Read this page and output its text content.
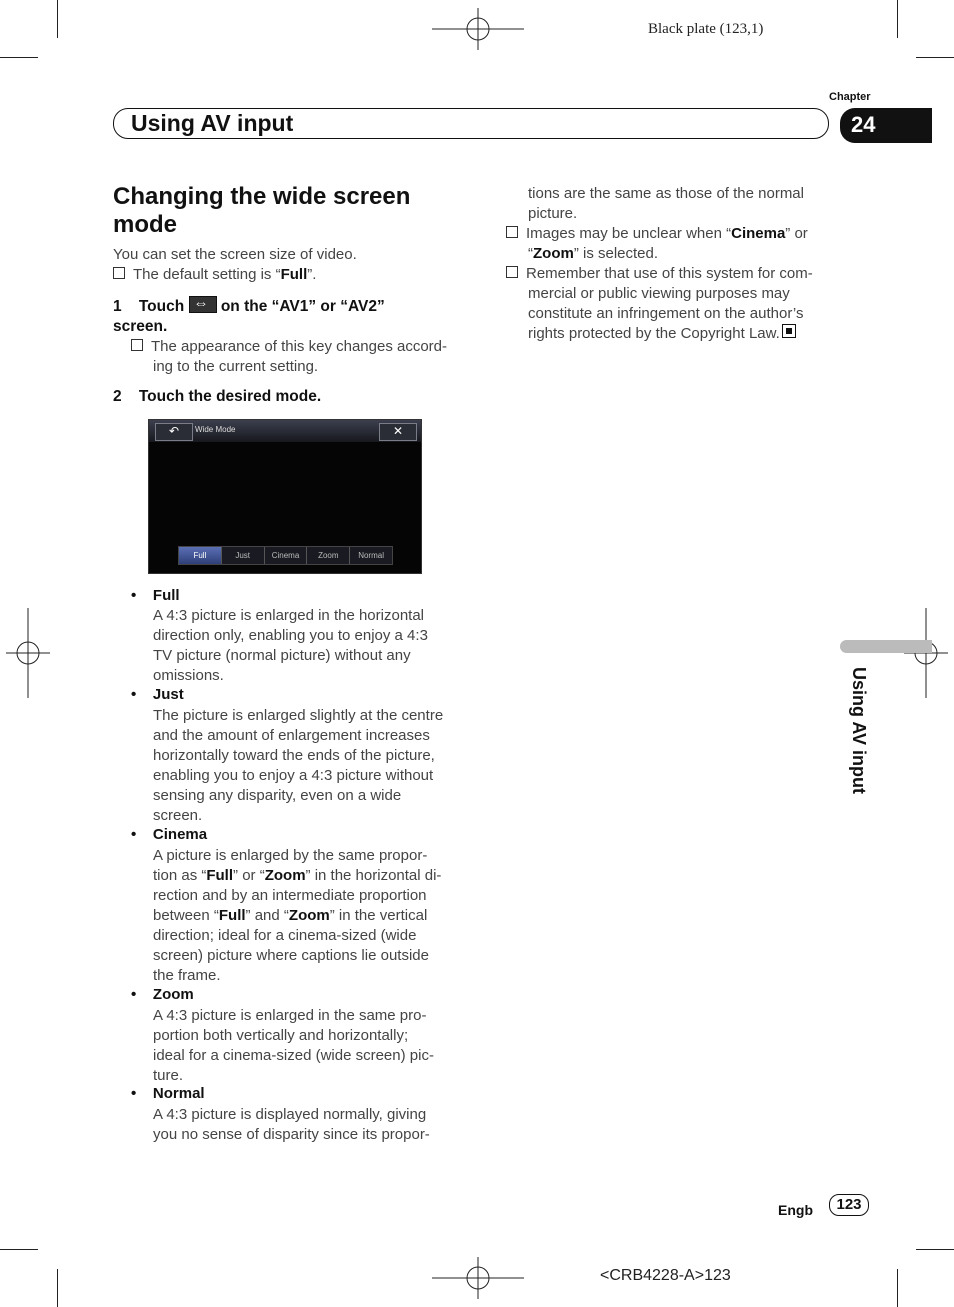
Black plate (123,1)
Chapter
Using AV input	24
Changing the wide screen mode
You can set the screen size of video.
The default setting is “Full”.
1 Touch ⇔ on the “AV1” or “AV2”
screen.
The appearance of this key changes accord-
ing to the current setting.
2 Touch the desired mode.
↶	Wide Mode	✕
Full	Just	Cinema	Zoom	Normal
•    Full
A 4:3 picture is enlarged in the horizontal
direction only, enabling you to enjoy a 4:3
TV picture (normal picture) without any
omissions.
•    Just
The picture is enlarged slightly at the centre
and the amount of enlargement increases
horizontally toward the ends of the picture,
enabling you to enjoy a 4:3 picture without
sensing any disparity, even on a wide
screen.
•    Cinema
A picture is enlarged by the same propor-
tion as “Full” or “Zoom” in the horizontal di-
rection and by an intermediate proportion
between “Full” and “Zoom” in the vertical
direction; ideal for a cinema-sized (wide
screen) picture where captions lie outside
the frame.
•    Zoom
A 4:3 picture is enlarged in the same pro-
portion both vertically and horizontally;
ideal for a cinema-sized (wide screen) pic-
ture.
•    Normal
A 4:3 picture is displayed normally, giving
you no sense of disparity since its propor-
tions are the same as those of the normal
picture.
Images may be unclear when “Cinema” or
“Zoom” is selected.
Remember that use of this system for com-
mercial or public viewing purposes may
constitute an infringement on the author’s
rights protected by the Copyright Law.
Using AV input
Engb	123
<CRB4228-A>123
